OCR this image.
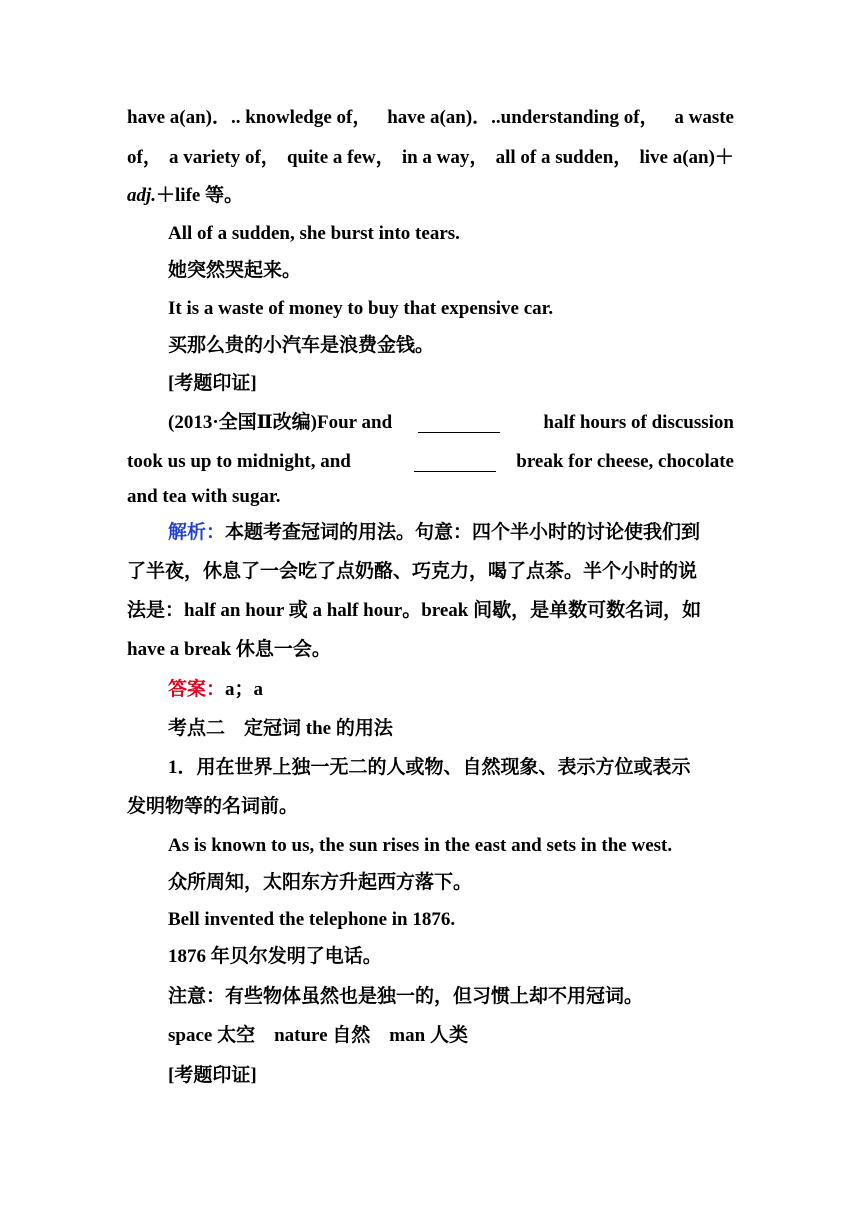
have a(an)．.. knowledge of， have a(an)．..understanding of， a waste
of， a variety of， quite a few， in a way， all of a sudden， live a(an)＋
adj.＋life 等。
All of a sudden, she burst into tears.
她突然哭起来。
It is a waste of money to buy that expensive car.
买那么贵的小汽车是浪费金钱。
[考题印证]
(2013·全国Ⅱ改编)Four and	half hours of discussion
took us up to midnight, and	break for cheese, chocolate
and tea with sugar.
解析：本题考查冠词的用法。句意：四个半小时的讨论使我们到
了半夜，休息了一会吃了点奶酪、巧克力，喝了点茶。半个小时的说
法是：half an hour 或 a half hour。break 间歇，是单数可数名词，如
have a break 休息一会。
答案：a；a
考点二　定冠词 the 的用法
1．用在世界上独一无二的人或物、自然现象、表示方位或表示
发明物等的名词前。
As is known to us, the sun rises in the east and sets in the west.
众所周知，太阳东方升起西方落下。
Bell invented the telephone in 1876.
1876 年贝尔发明了电话。
注意：有些物体虽然也是独一的，但习惯上却不用冠词。
space 太空　nature 自然　man 人类
[考题印证]
